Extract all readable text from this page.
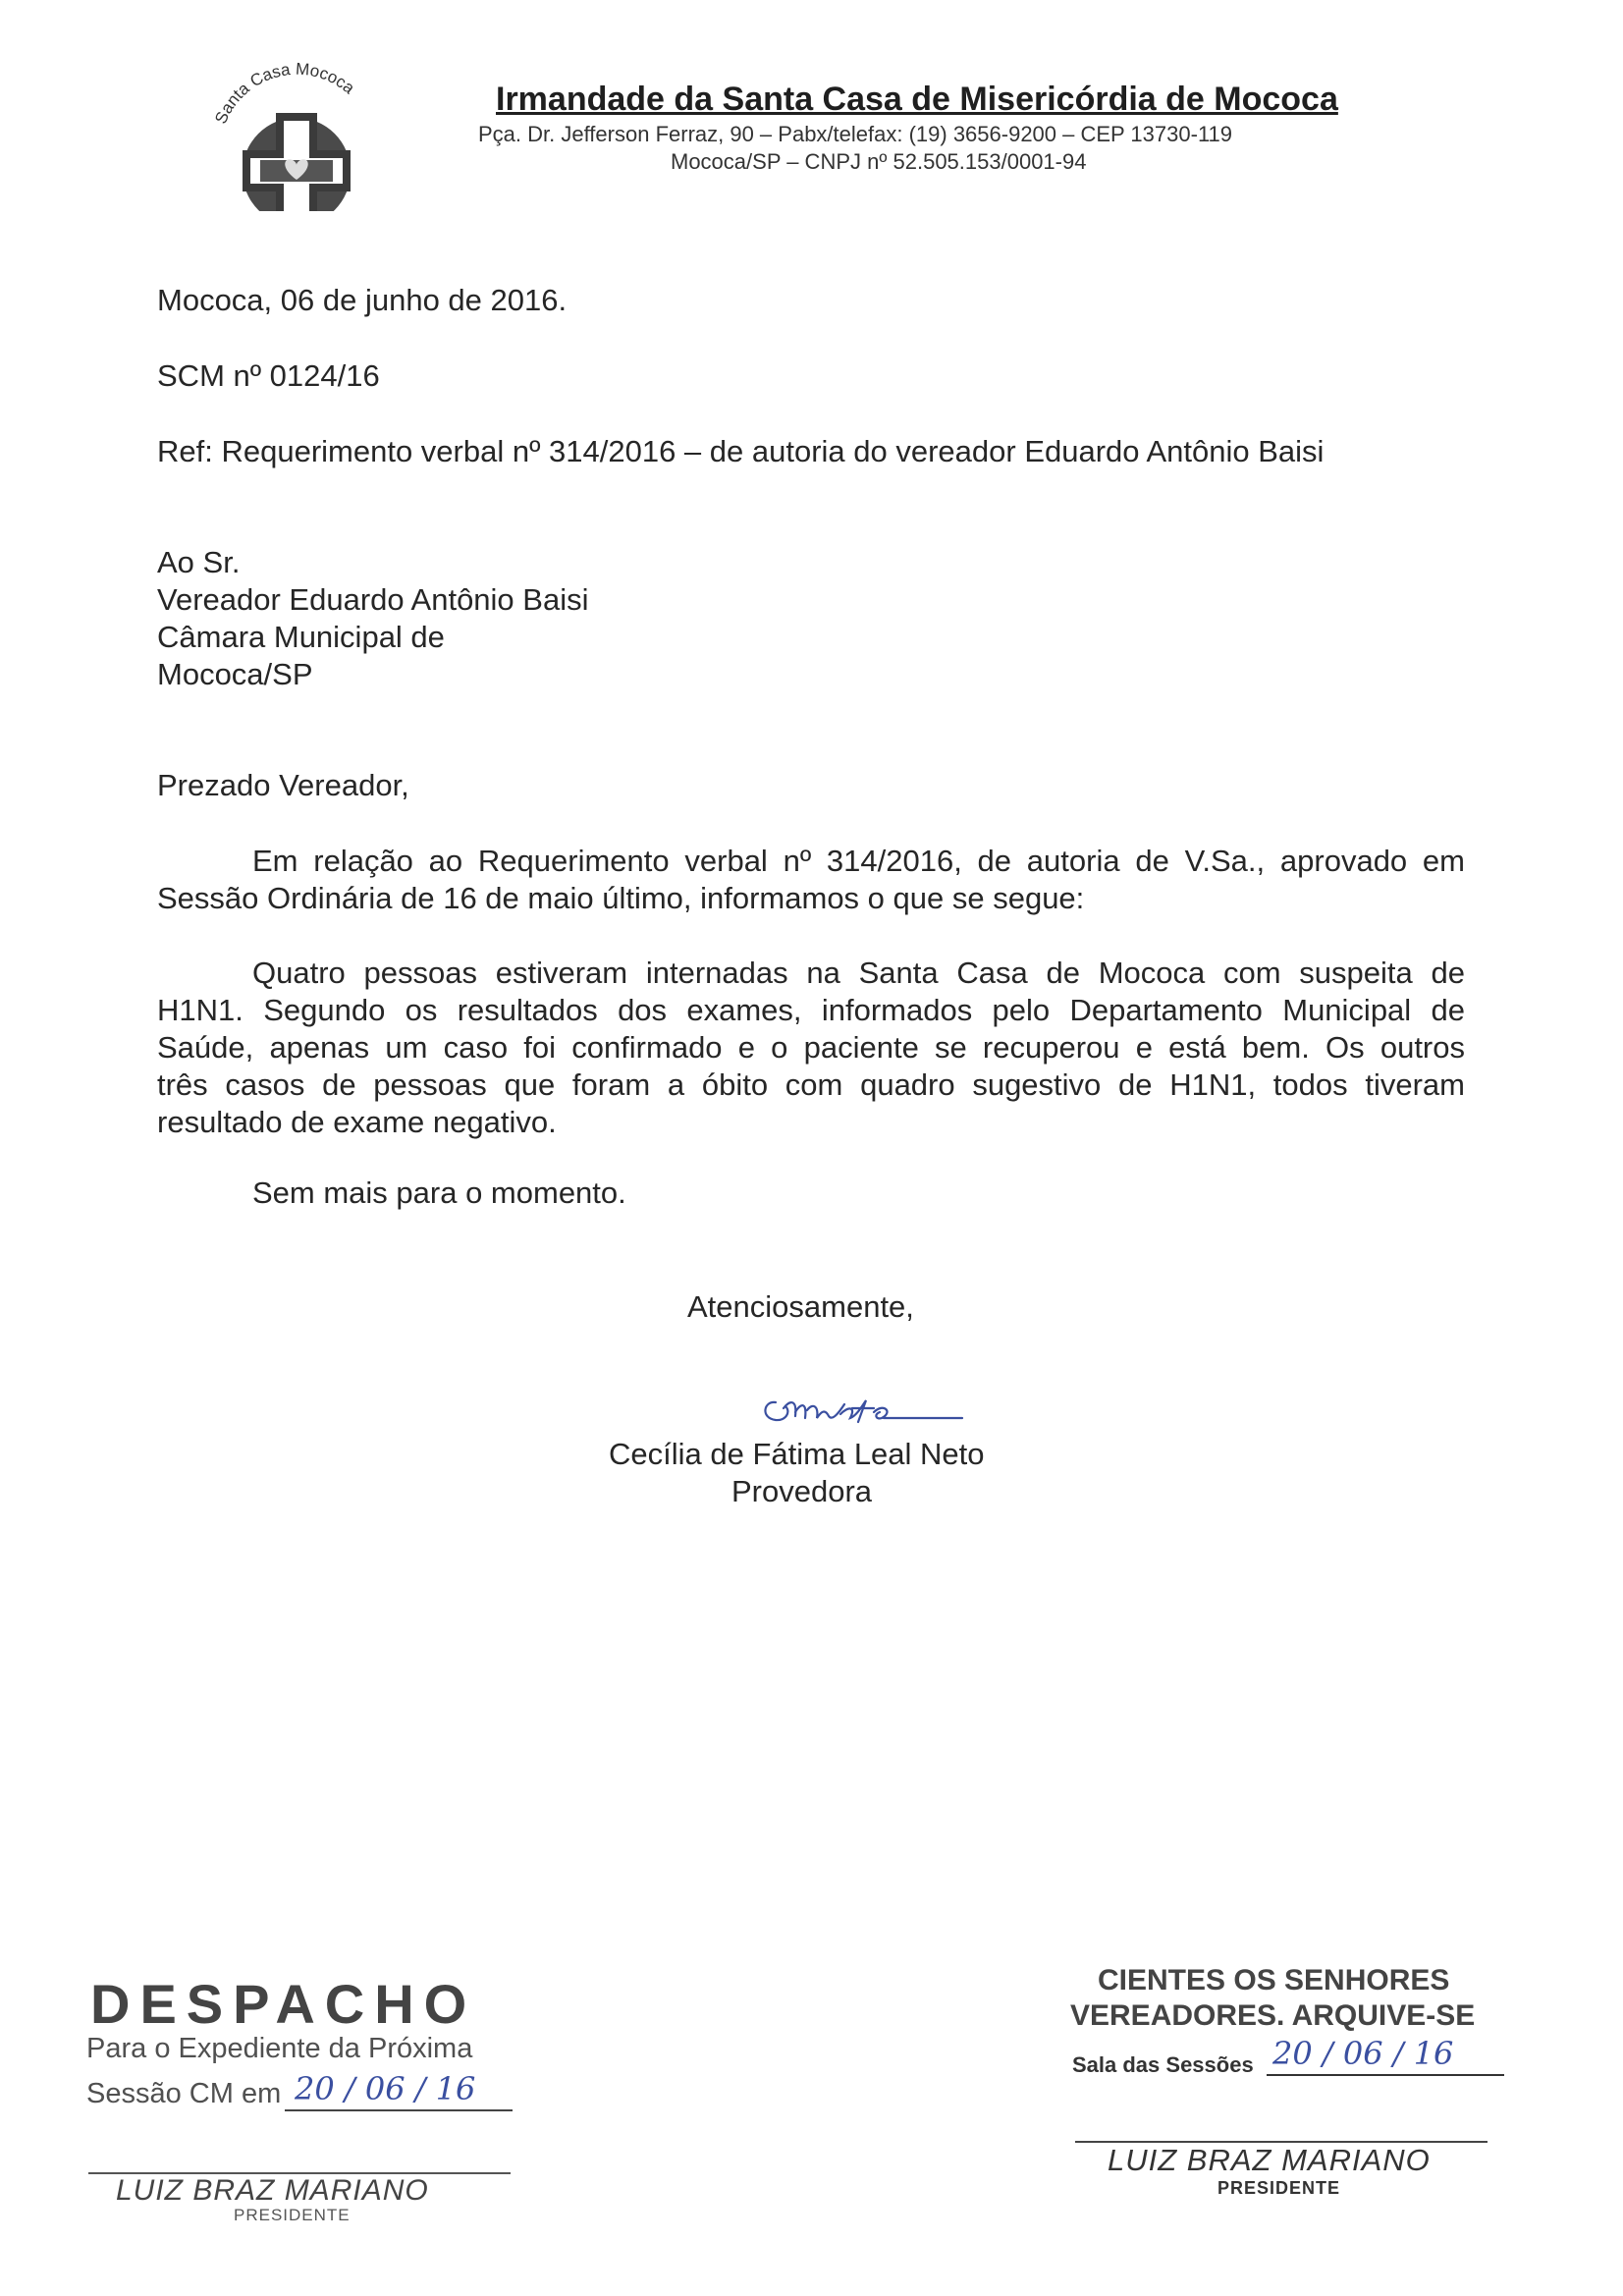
Santa Casa Mococa	Irmandade da Santa Casa de Misericórdia de Mococa
Pça. Dr. Jefferson Ferraz, 90 – Pabx/telefax: (19) 3656-9200 – CEP 13730-119
Mococa/SP – CNPJ nº 52.505.153/0001-94
Mococa, 06 de junho de 2016.
SCM nº 0124/16
Ref: Requerimento verbal nº 314/2016 – de autoria do vereador Eduardo Antônio Baisi
Ao Sr.
Vereador Eduardo Antônio Baisi
Câmara Municipal de
Mococa/SP
Prezado Vereador,
Em relação ao Requerimento verbal nº 314/2016, de autoria de V.Sa., aprovado em
Sessão Ordinária de 16 de maio último, informamos o que se segue:
Quatro pessoas estiveram internadas na Santa Casa de Mococa com suspeita de
H1N1. Segundo os resultados dos exames, informados pelo Departamento Municipal de
Saúde, apenas um caso foi confirmado e o paciente se recuperou e está bem. Os outros
três casos de pessoas que foram a óbito com quadro sugestivo de H1N1, todos tiveram
resultado de exame negativo.
Sem mais para o momento.
Atenciosamente,
Cecília de Fátima Leal Neto
Provedora
DESPACHO
Para o Expediente da Próxima
Sessão CM em 20 / 06 / 16
LUIZ BRAZ MARIANO
PRESIDENTE
CIENTES OS SENHORES
VEREADORES. ARQUIVE-SE
Sala das Sessões 20 / 06 / 16
LUIZ BRAZ MARIANO
PRESIDENTE
